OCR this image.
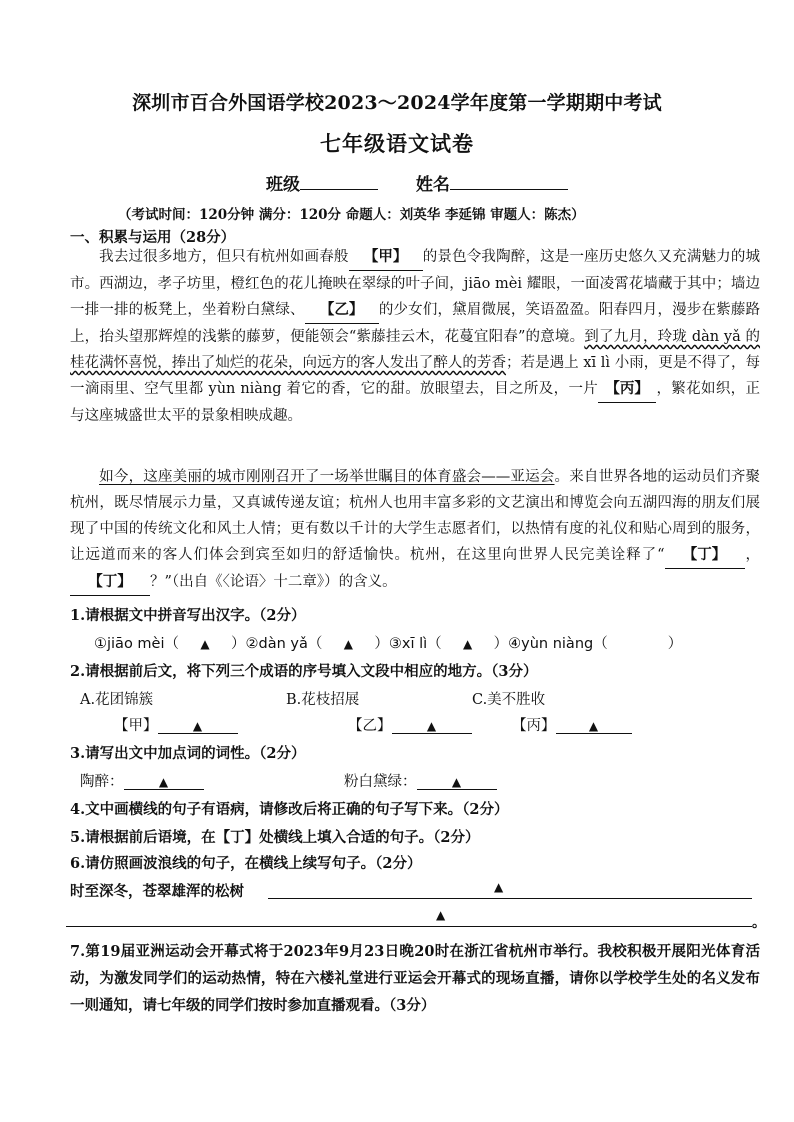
深圳市百合外国语学校2023～2024学年度第一学期期中考试
七年级语文试卷
班级	姓名
（考试时间：120分钟 满分：120分 命题人：刘英华 李延锦 审题人：陈杰）
一、积累与运用（28分）
我去过很多地方，但只有杭州如画春般 【甲】 的景色令我陶醉，这是一座历史悠久又充满魅力的城市。西湖边，孝子坊里，橙红色的花儿掩映在翠绿的叶子间，jiāo mèi 耀眼，一面凌霄花墙藏于其中；墙边一排一排的板凳上，坐着粉白黛绿、 【乙】 的少女们，黛眉微展，笑语盈盈。阳春四月，漫步在紫藤路上，抬头望那辉煌的浅紫的藤萝，便能领会“紫藤挂云木，花蔓宜阳春”的意境。到了九月，玲珑 dàn yǎ 的桂花满怀喜悦，捧出了灿烂的花朵，向远方的客人发出了醉人的芳香；若是遇上 xī lì 小雨，更是不得了，每一滴雨里、空气里都 yùn niàng 着它的香，它的甜。放眼望去，目之所及，一片 【丙】 ，繁花如织，正与这座城盛世太平的景象相映成趣。
如今，这座美丽的城市刚刚召开了一场举世瞩目的体育盛会——亚运会。来自世界各地的运动员们齐聚杭州，既尽情展示力量，又真诚传递友谊；杭州人也用丰富多彩的文艺演出和博览会向五湖四海的朋友们展现了中国的传统文化和风土人情；更有数以千计的大学生志愿者们，以热情有度的礼仪和贴心周到的服务，让远道而来的客人们体会到宾至如归的舒适愉快。杭州，在这里向世界人民完美诠释了“ 【丁】 ，【丁】 ？”（出自《〈论语〉十二章》）的含义。
1.请根据文中拼音写出汉字。（2分）
①jiāo mèi（ ▲ ）②dàn yǎ（ ▲ ）③xī lì（ ▲ ）④yùn niàng（	）
2.请根据前后文，将下列三个成语的序号填入文段中相应的地方。（3分）
A.花团锦簇	B.花枝招展	C.美不胜收
【甲】	▲	【乙】	▲	【丙】	▲
3.请写出文中加点词的词性。（2分）
陶醉：	▲	粉白黛绿：	▲
4.文中画横线的句子有语病，请修改后将正确的句子写下来。（2分）
5.请根据前后语境，在【丁】处横线上填入合适的句子。（2分）
6.请仿照画波浪线的句子，在横线上续写句子。（2分）
时至深冬，苍翠雄浑的松树	▲
▲	。
7.第19届亚洲运动会开幕式将于2023年9月23日晚20时在浙江省杭州市举行。我校积极开展阳光体育活动，为激发同学们的运动热情，特在六楼礼堂进行亚运会开幕式的现场直播，请你以学校学生处的名义发布一则通知，请七年级的同学们按时参加直播观看。（3分）
